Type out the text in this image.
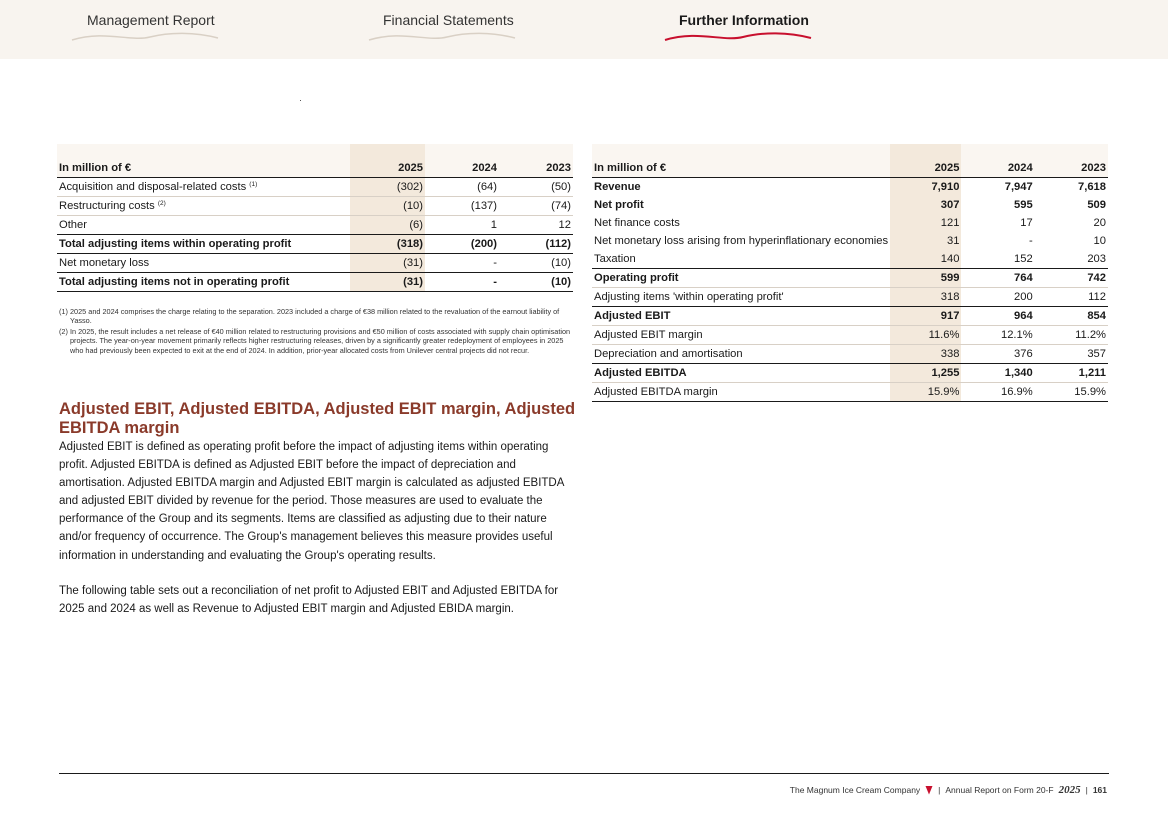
Management Report	Financial Statements	Further Information
In million of €	2025	2024	2023
Acquisition and disposal-related costs $^{(1)}$	(302)	(64)	(50)
Restructuring costs $^{(2)}$	(10)	(137)	(74)
Other	(6)	1	12
Total adjusting items within operating profit	(318)	(200)	(112)
Net monetary loss	(31)	-	(10)
Total adjusting items not in operating profit	(31)	-	(10)
(1) 2025 and 2024 comprises the charge relating to the separation. 2023 included a charge of €38 million related to the revaluation of the earnout liability of Yasso.
(2) In 2025, the result includes a net release of €40 million related to restructuring provisions and €50 million of costs associated with supply chain optimisation projects. The year-on-year movement primarily reflects higher restructuring releases, driven by a significantly greater redeployment of employees in 2025 who had previously been expected to exit at the end of 2024. In addition, prior-year allocated costs from Unilever central projects did not recur.
Adjusted EBIT, Adjusted EBITDA, Adjusted EBIT margin, Adjusted EBITDA margin

Adjusted EBIT is defined as operating profit before the impact of adjusting items within operating profit. Adjusted EBITDA is defined as Adjusted EBIT before the impact of depreciation and amortisation. Adjusted EBITDA margin and Adjusted EBIT margin is calculated as adjusted EBITDA and adjusted EBIT divided by revenue for the period. Those measures are used to evaluate the performance of the Group and its segments. Items are classified as adjusting due to their nature and/or frequency of occurrence. The Group's management believes this measure provides useful information in understanding and evaluating the Group's operating results.

The following table sets out a reconciliation of net profit to Adjusted EBIT and Adjusted EBITDA for 2025 and 2024 as well as Revenue to Adjusted EBIT margin and Adjusted EBIDA margin.

In million of €	2025	2024	2023
Revenue	7,910	7,947	7,618
Net profit	307	595	509
Net finance costs	121	17	20
Net monetary loss arising from hyperinflationary economies	31	-	10
Taxation	140	152	203
Operating profit	599	764	742
Adjusting items 'within operating profit'	318	200	112
Adjusted EBIT	917	964	854
Adjusted EBIT margin	11.6%	12.1%	11.2%
Depreciation and amortisation	338	376	357
Adjusted EBITDA	1,255	1,340	1,211
Adjusted EBITDA margin	15.9%	16.9%	15.9%
The Magnum Ice Cream Company | Annual Report on Form 20-F 2025 | 161
